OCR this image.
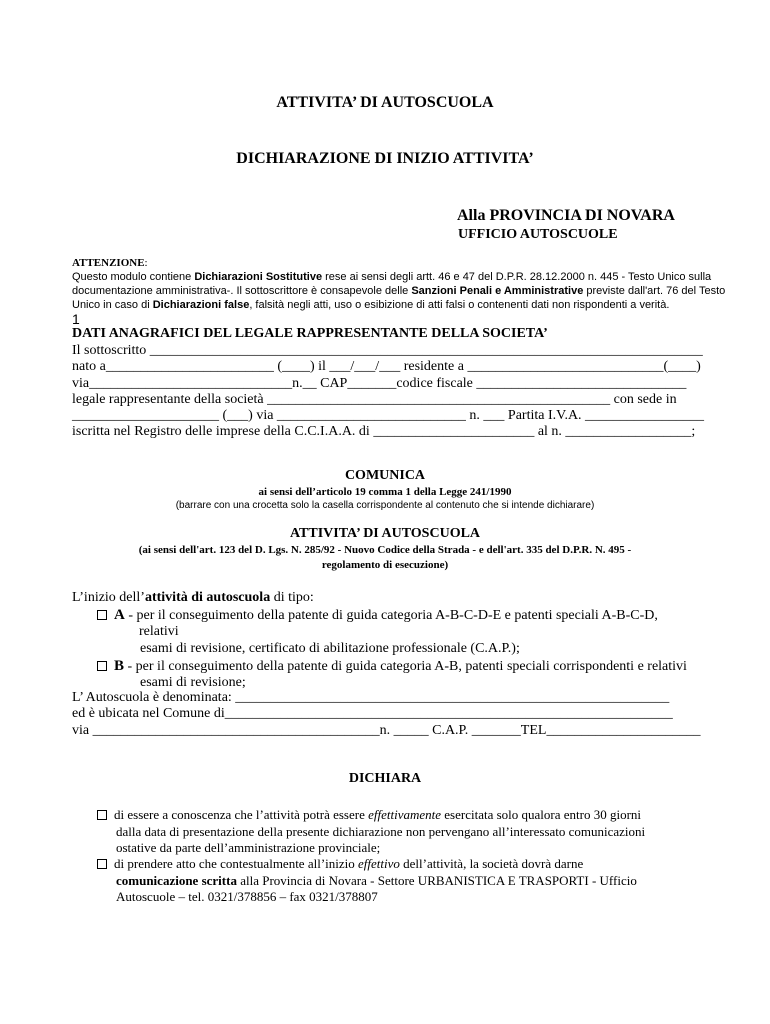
ATTIVITA’ DI AUTOSCUOLA
DICHIARAZIONE DI INIZIO ATTIVITA’
Alla PROVINCIA DI NOVARA
UFFICIO AUTOSCUOLE
ATTENZIONE:
Questo modulo contiene Dichiarazioni Sostitutive rese ai sensi degli artt. 46 e 47 del D.P.R. 28.12.2000 n. 445 - Testo Unico sulla
documentazione amministrativa-. Il sottoscrittore è consapevole delle Sanzioni Penali e Amministrative previste dall'art. 76 del Testo
Unico in caso di Dichiarazioni false, falsità negli atti, uso o esibizione di atti falsi o contenenti dati non rispondenti a verità.
1
DATI ANAGRAFICI DEL LEGALE RAPPRESENTANTE DELLA SOCIETA’
Il sottoscritto _______________________________________________________________________________
nato a________________________ (____) il ___/___/___ residente a ____________________________(____)
via_____________________________n.__ CAP_______codice fiscale ______________________________
legale rappresentante della società _________________________________________________ con sede in
_____________________ (___) via ___________________________ n. ___ Partita I.V.A. _________________
iscritta nel Registro delle imprese della C.C.I.A.A. di _______________________ al n. __________________;
COMUNICA
ai sensi dell’articolo 19 comma 1 della Legge 241/1990
(barrare con una crocetta solo la casella corrispondente al contenuto che si intende dichiarare)
ATTIVITA’ DI AUTOSCUOLA
(ai sensi dell'art. 123 del D. Lgs. N. 285/92 - Nuovo Codice della Strada - e dell'art. 335 del D.P.R. N. 495 -
regolamento di esecuzione)
L’inizio dell’attività di autoscuola di tipo:
A - per il conseguimento della patente di guida categoria A-B-C-D-E e patenti speciali A-B-C-D,
relativi
esami di revisione, certificato di abilitazione professionale (C.A.P.);
B - per il conseguimento della patente di guida categoria A-B, patenti speciali corrispondenti e relativi
esami di revisione;
L’ Autoscuola è denominata: ______________________________________________________________
ed è ubicata nel Comune di________________________________________________________________
via _________________________________________n. _____ C.A.P. _______TEL______________________
DICHIARA
di essere a conoscenza che l’attività potrà essere effettivamente esercitata solo qualora entro 30 giorni
dalla data di presentazione della presente dichiarazione non pervengano all’interessato comunicazioni
ostative da parte dell’amministrazione provinciale;
di prendere atto che contestualmente all’inizio effettivo dell’attività, la società dovrà darne
comunicazione scritta alla Provincia di Novara - Settore URBANISTICA E TRASPORTI - Ufficio
Autoscuole – tel. 0321/378856 – fax 0321/378807
